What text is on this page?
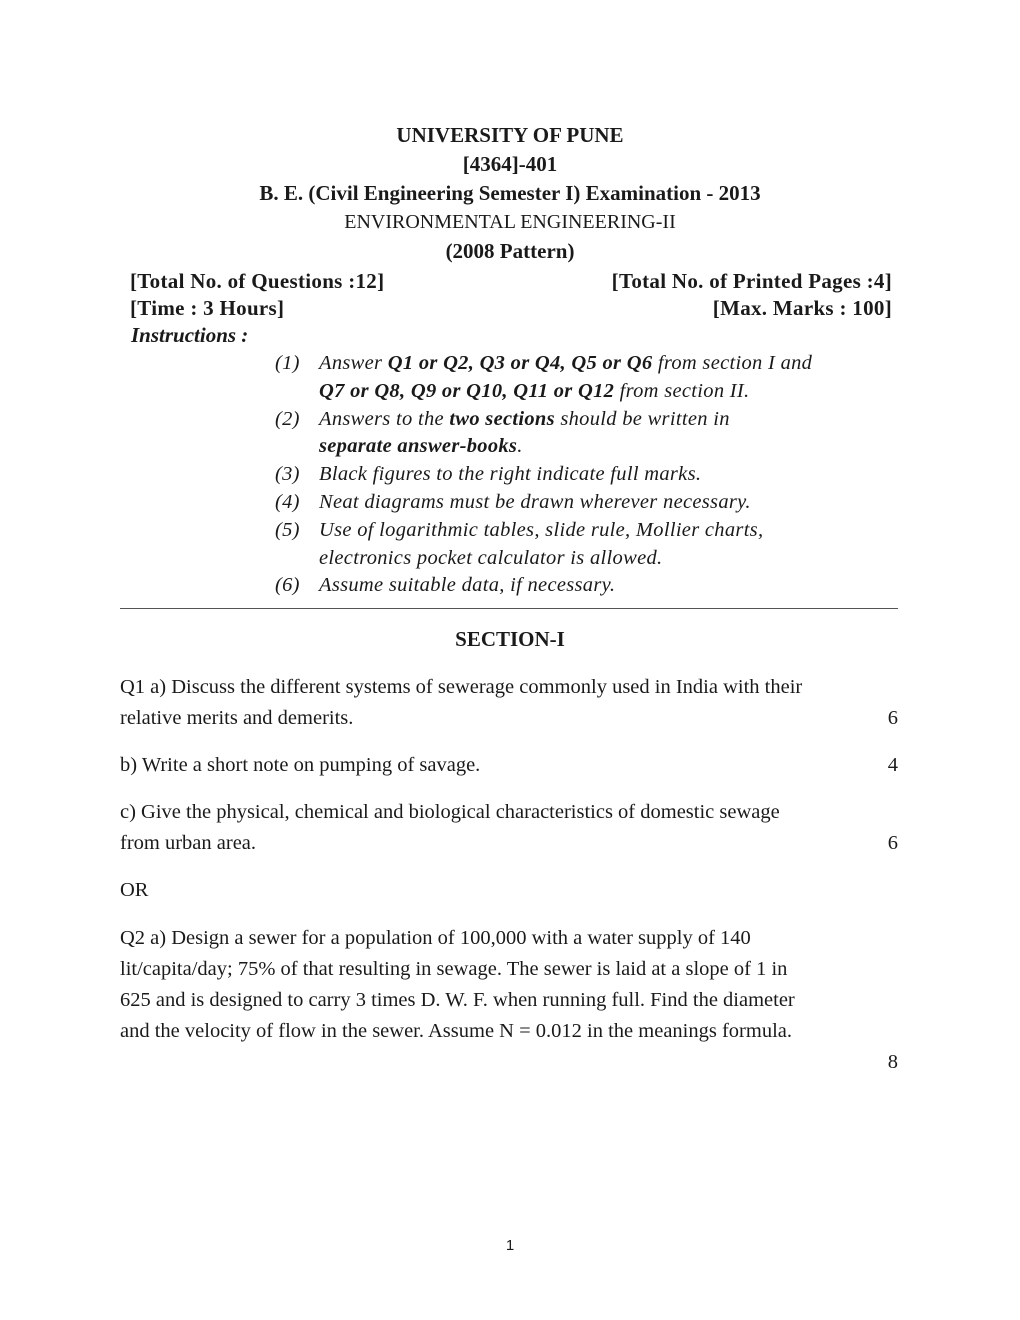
UNIVERSITY OF PUNE
[4364]-401
B. E. (Civil Engineering Semester I) Examination - 2013
ENVIRONMENTAL ENGINEERING-II
(2008 Pattern)
[Total No. of Questions :12]	[Total No. of Printed Pages :4]
[Time : 3 Hours]	[Max. Marks : 100]
Instructions :
(1) Answer Q1 or Q2, Q3 or Q4, Q5 or Q6 from section I and
Q7 or Q8, Q9 or Q10, Q11 or Q12 from section II.
(2) Answers to the two sections should be written in
separate answer-books.
(3) Black figures to the right indicate full marks.
(4) Neat diagrams must be drawn wherever necessary.
(5) Use of logarithmic tables, slide rule, Mollier charts,
electronics pocket calculator is allowed.
(6) Assume suitable data, if necessary.
SECTION-I
Q1 a) Discuss the different systems of sewerage commonly used in India with their
relative merits and demerits.	6
b) Write a short note on pumping of savage.	4
c) Give the physical, chemical and biological characteristics of domestic sewage
from urban area.	6
OR
Q2 a) Design a sewer for a population of 100,000 with a water supply of 140
lit/capita/day; 75% of that resulting in sewage. The sewer is laid at a slope of 1 in
625 and is designed to carry 3 times D. W. F. when running full. Find the diameter
and the velocity of flow in the sewer. Assume N = 0.012 in the meanings formula.
8
1
